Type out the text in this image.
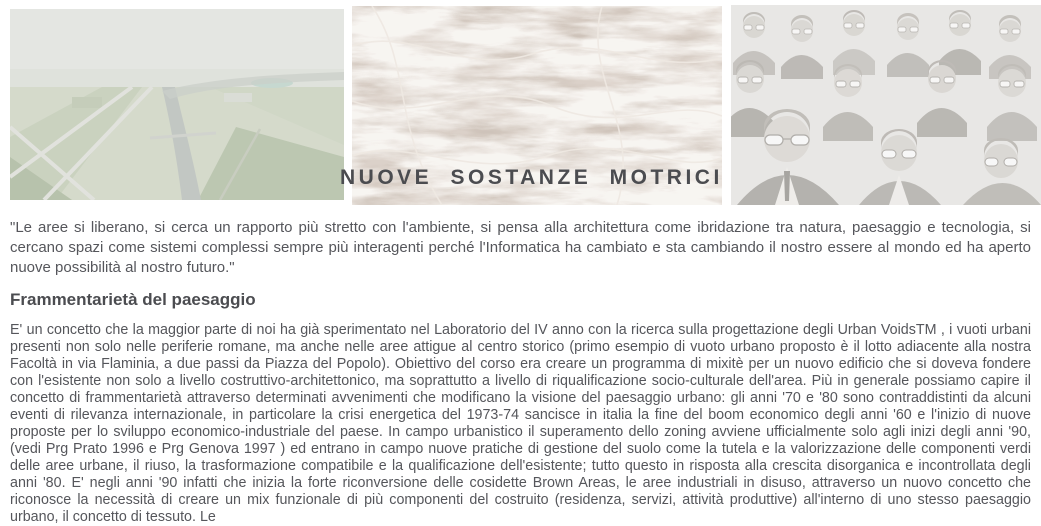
NUOVE SOSTANZE MOTRICI

"Le aree si liberano, si cerca un rapporto più stretto con l'ambiente, si pensa alla architettura come ibridazione tra natura, paesaggio e tecnologia, si cercano spazi come sistemi complessi sempre più interagenti perché l'Informatica ha cambiato e sta cambiando il nostro essere al mondo ed ha aperto nuove possibilità al nostro futuro."

Frammentarietà del paesaggio

E' un concetto che la maggior parte di noi ha già sperimentato nel Laboratorio del IV anno con la ricerca sulla progettazione degli Urban VoidsTM , i vuoti urbani presenti non solo nelle periferie romane, ma anche nelle aree attigue al centro storico (primo esempio di vuoto urbano proposto è il lotto adiacente alla nostra Facoltà in via Flaminia, a due passi da Piazza del Popolo). Obiettivo del corso era creare un programma di mixitè per un nuovo edificio che si doveva fondere con l'esistente non solo a livello costruttivo-architettonico, ma soprattutto a livello di riqualificazione socio-culturale dell'area. Più in generale possiamo capire il concetto di frammentarietà attraverso determinati avvenimenti che modificano la visione del paesaggio urbano: gli anni '70 e '80 sono contraddistinti da alcuni eventi di rilevanza internazionale, in particolare la crisi energetica del 1973-74 sancisce in italia la fine del boom economico degli anni '60 e l'inizio di nuove proposte per lo sviluppo economico-industriale del paese. In campo urbanistico il superamento dello zoning avviene ufficialmente solo agli inizi degli anni '90, (vedi Prg Prato 1996 e Prg Genova 1997 ) ed entrano in campo nuove pratiche di gestione del suolo come la tutela e la valorizzazione delle componenti verdi delle aree urbane, il riuso, la trasformazione compatibile e la qualificazione dell'esistente; tutto questo in risposta alla crescita disorganica e incontrollata degli anni '80. E' negli anni '90 infatti che inizia la forte riconversione delle cosidette Brown Areas, le aree industriali in disuso, attraverso un nuovo concetto che riconosce la necessità di creare un mix funzionale di più componenti del costruito (residenza, servizi, attività produttive) all'interno di uno stesso paesaggio urbano, il concetto di tessuto. Le
